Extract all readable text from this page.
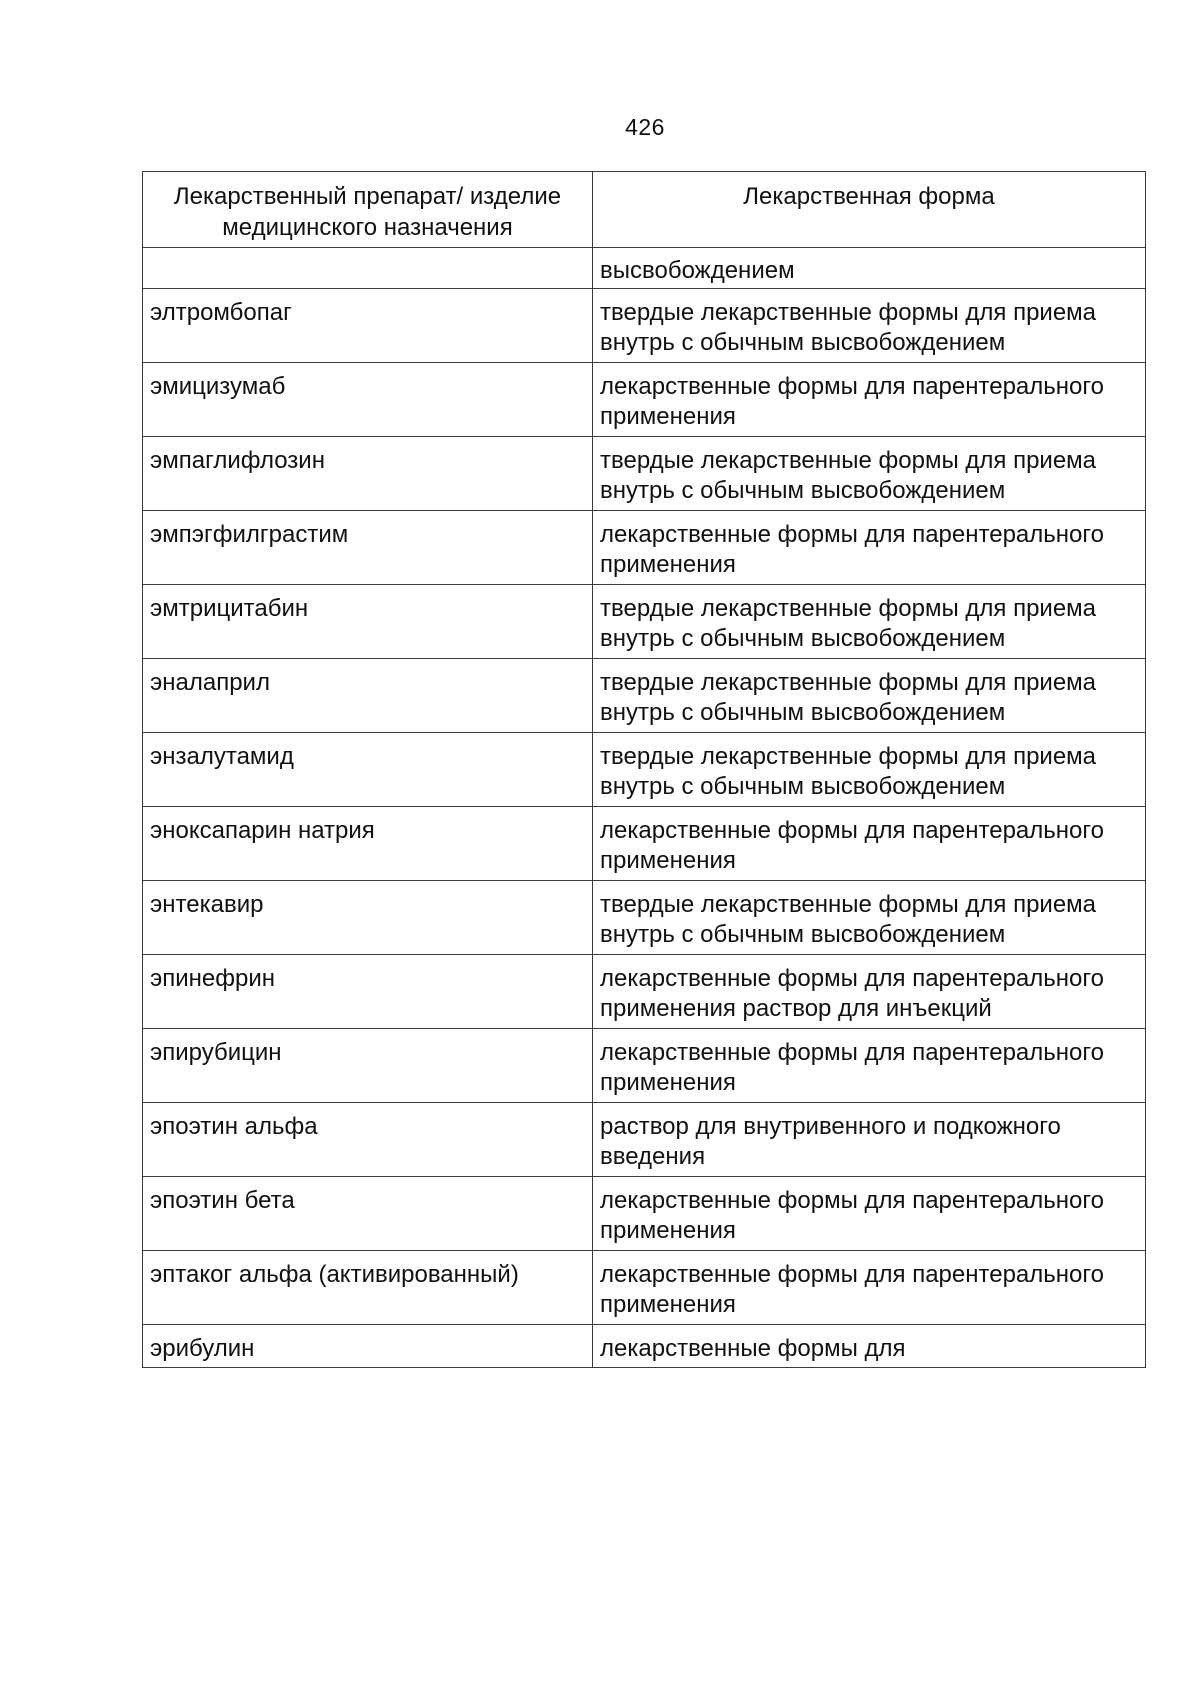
426
Лекарственный препарат/ изделие медицинского назначения	Лекарственная форма
	высвобождением
элтромбопаг	твердые лекарственные формы для приема внутрь с обычным высвобождением
эмицизумаб	лекарственные формы для парентерального применения
эмпаглифлозин	твердые лекарственные формы для приема внутрь с обычным высвобождением
эмпэгфилграстим	лекарственные формы для парентерального применения
эмтрицитабин	твердые лекарственные формы для приема внутрь с обычным высвобождением
эналаприл	твердые лекарственные формы для приема внутрь с обычным высвобождением
энзалутамид	твердые лекарственные формы для приема внутрь с обычным высвобождением
эноксапарин натрия	лекарственные формы для парентерального применения
энтекавир	твердые лекарственные формы для приема внутрь с обычным высвобождением
эпинефрин	лекарственные формы для парентерального применения раствор для инъекций
эпирубицин	лекарственные формы для парентерального применения
эпоэтин альфа	раствор для внутривенного и подкожного введения
эпоэтин бета	лекарственные формы для парентерального применения
эптаког альфа (активированный)	лекарственные формы для парентерального применения
эрибулин	лекарственные формы для
